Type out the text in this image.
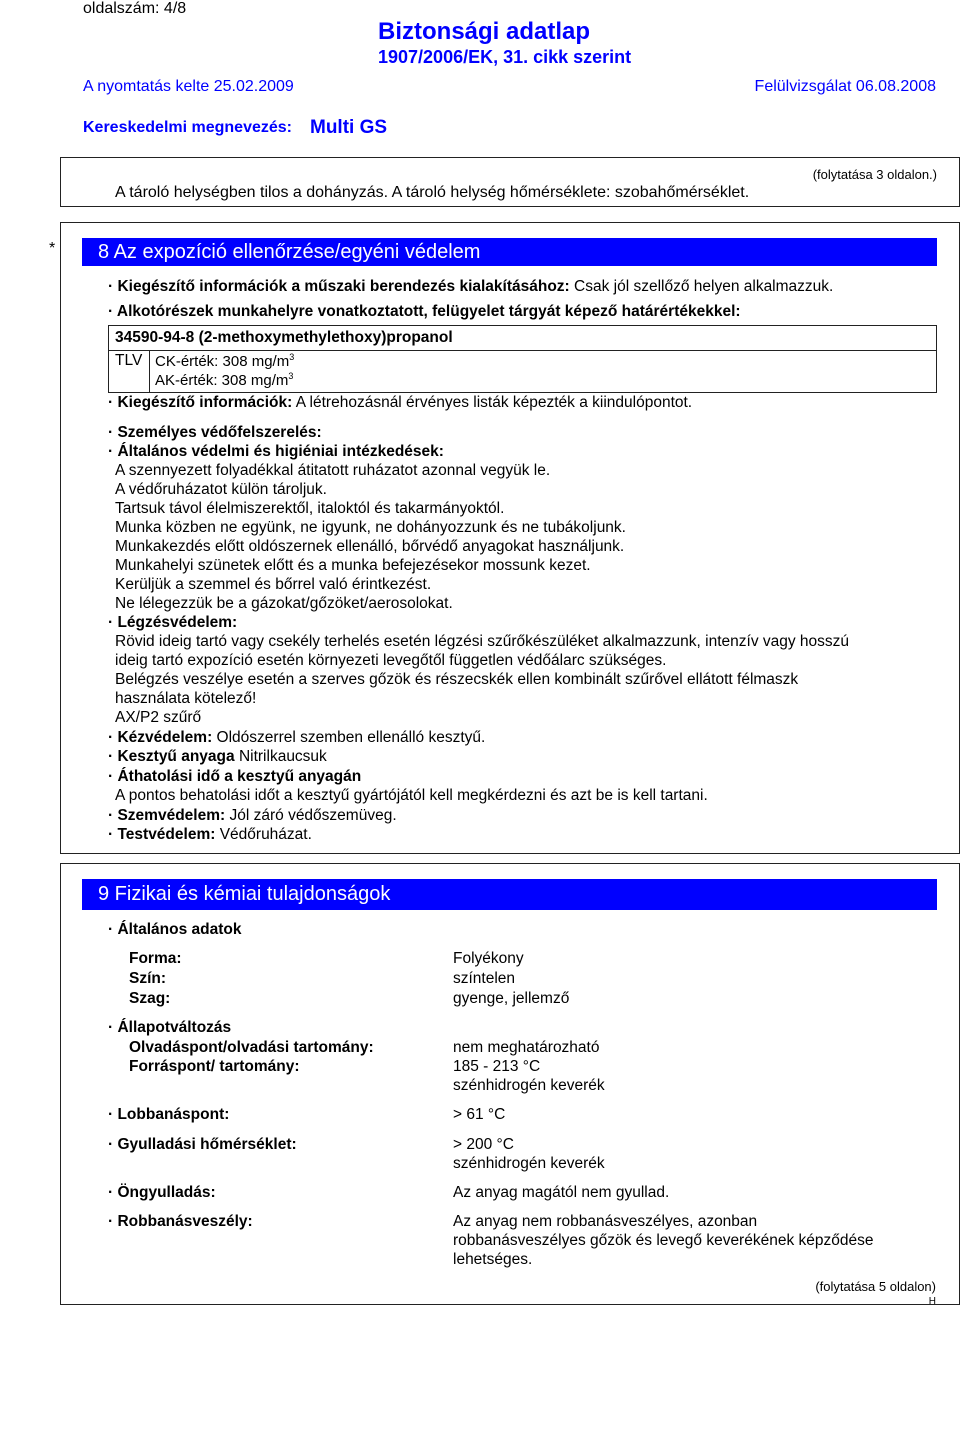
oldalszám: 4/8
Biztonsági adatlap
1907/2006/EK, 31. cikk szerint
A nyomtatás kelte 25.02.2009	Felülvizsgálat 06.08.2008
Kereskedelmi megnevezés: Multi GS
(folytatása 3 oldalon.)
A tároló helységben tilos a dohányzás. A tároló helység hőmérséklete: szobahőmérséklet.
*	8 Az expozíció ellenőrzése/egyéni védelem
· Kiegészítő információk a műszaki berendezés kialakításához: Csak jól szellőző helyen alkalmazzuk.
· Alkotórészek munkahelyre vonatkoztatott, felügyelet tárgyát képező határértékekkel:
34590-94-8 (2-methoxymethylethoxy)propanol
TLV CK-érték: 308 $mg/m^3$
AK-érték: 308 $mg/m^3$
· Kiegészítő információk: A létrehozásnál érvényes listák képezték a kiindulópontot.
· Személyes védőfelszerelés:
· Általános védelmi és higiéniai intézkedések:
A szennyezett folyadékkal átitatott ruházatot azonnal vegyük le.
A védőruházatot külön tároljuk.
Tartsuk távol élelmiszerektől, italoktól és takarmányoktól.
Munka közben ne együnk, ne igyunk, ne dohányozzunk és ne tubákoljunk.
Munkakezdés előtt oldószernek ellenálló, bőrvédő anyagokat használjunk.
Munkahelyi szünetek előtt és a munka befejezésekor mossunk kezet.
Kerüljük a szemmel és bőrrel való érintkezést.
Ne lélegezzük be a gázokat/gőzöket/aerosolokat.
· Légzésvédelem:
Rövid ideig tartó vagy csekély terhelés esetén légzési szűrőkészüléket alkalmazzunk, intenzív vagy hosszú
ideig tartó expozíció esetén környezeti levegőtől független védőálarc szükséges.
Belégzés veszélye esetén a szerves gőzök és részecskék ellen kombinált szűrővel ellátott félmaszk
használata kötelező!
AX/P2 szűrő
· Kézvédelem: Oldószerrel szemben ellenálló kesztyű.
· Kesztyű anyaga Nitrilkaucsuk
· Áthatolási idő a kesztyű anyagán
A pontos behatolási időt a kesztyű gyártójától kell megkérdezni és azt be is kell tartani.
· Szemvédelem: Jól záró védőszemüveg.
· Testvédelem: Védőruházat.
9 Fizikai és kémiai tulajdonságok
· Általános adatok
Forma:	Folyékony
Szín:	színtelen
Szag:	gyenge, jellemző
· Állapotváltozás
Olvadáspont/olvadási tartomány:	nem meghatározható
Forráspont/ tartomány:	185 - 213 °C
szénhidrogén keverék
· Lobbanáspont:	> 61 °C
· Gyulladási hőmérséklet:	> 200 °C
szénhidrogén keverék
· Öngyulladás:	Az anyag magától nem gyullad.
· Robbanásveszély:	Az anyag nem robbanásveszélyes, azonban
robbanásveszélyes gőzök és levegő keverékének képződése
lehetséges.
(folytatása 5 oldalon)
H
